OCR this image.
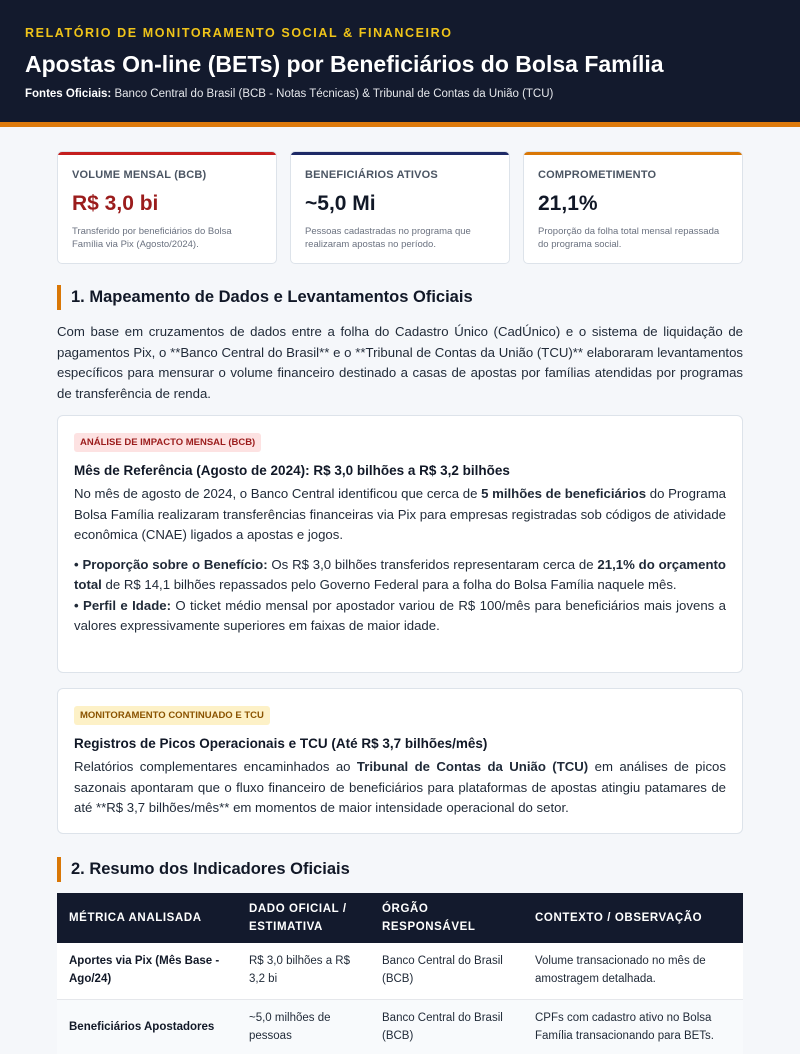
RELATÓRIO DE MONITORAMENTO SOCIAL & FINANCEIRO
Apostas On-line (BETs) por Beneficiários do Bolsa Família
Fontes Oficiais: Banco Central do Brasil (BCB - Notas Técnicas) & Tribunal de Contas da União (TCU)
VOLUME MENSAL (BCB)
R$ 3,0 bi
Transferido por beneficiários do Bolsa Família via Pix (Agosto/2024).
BENEFICIÁRIOS ATIVOS
~5,0 Mi
Pessoas cadastradas no programa que realizaram apostas no período.
COMPROMETIMENTO
21,1%
Proporção da folha total mensal repassada do programa social.
1. Mapeamento de Dados e Levantamentos Oficiais

Com base em cruzamentos de dados entre a folha do Cadastro Único (CadÚnico) e o sistema de liquidação de pagamentos Pix, o **Banco Central do Brasil** e o **Tribunal de Contas da União (TCU)** elaboraram levantamentos específicos para mensurar o volume financeiro destinado a casas de apostas por famílias atendidas por programas de transferência de renda.

ANÁLISE DE IMPACTO MENSAL (BCB)
Mês de Referência (Agosto de 2024): R$ 3,0 bilhões a R$ 3,2 bilhões

No mês de agosto de 2024, o Banco Central identificou que cerca de 5 milhões de beneficiários do Programa Bolsa Família realizaram transferências financeiras via Pix para empresas registradas sob códigos de atividade econômica (CNAE) ligados a apostas e jogos.

• Proporção sobre o Benefício: Os R$ 3,0 bilhões transferidos representaram cerca de 21,1% do orçamento total de R$ 14,1 bilhões repassados pelo Governo Federal para a folha do Bolsa Família naquele mês.

• Perfil e Idade: O ticket médio mensal por apostador variou de R$ 100/mês para beneficiários mais jovens a valores expressivamente superiores em faixas de maior idade.

MONITORAMENTO CONTINUADO E TCU
Registros de Picos Operacionais e TCU (Até R$ 3,7 bilhões/mês)

Relatórios complementares encaminhados ao Tribunal de Contas da União (TCU) em análises de picos sazonais apontaram que o fluxo financeiro de beneficiários para plataformas de apostas atingiu patamares de até **R$ 3,7 bilhões/mês** em momentos de maior intensidade operacional do setor.

2. Resumo dos Indicadores Oficiais
MÉTRICA ANALISADA	DADO OFICIAL / ESTIMATIVA	ÓRGÃO RESPONSÁVEL	CONTEXTO / OBSERVAÇÃO
Aportes via Pix (Mês Base - Ago/24)	R$ 3,0 bilhões a R$ 3,2 bi	Banco Central do Brasil (BCB)	Volume transacionado no mês de amostragem detalhada.
Beneficiários Apostadores	~5,0 milhões de pessoas	Banco Central do Brasil (BCB)	CPFs com cadastro ativo no Bolsa Família transacionando para BETs.
